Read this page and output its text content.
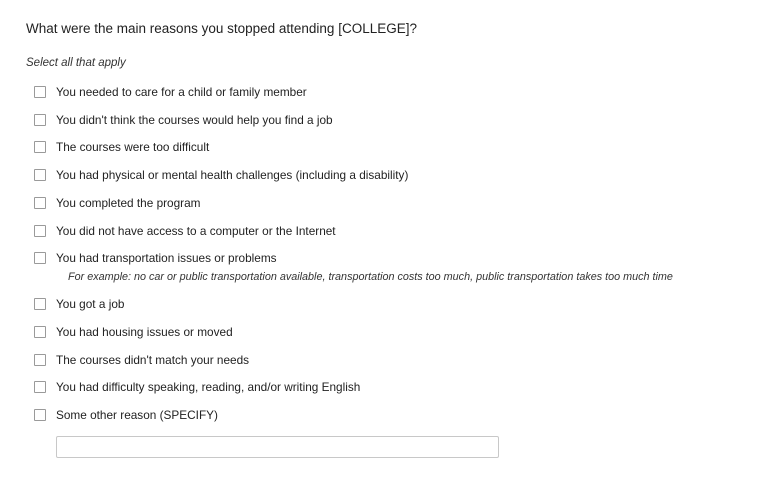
What were the main reasons you stopped attending [COLLEGE]?

Select all that apply

You needed to care for a child or family member
You didn't think the courses would help you find a job
The courses were too difficult
You had physical or mental health challenges (including a disability)
You completed the program
You did not have access to a computer or the Internet
You had transportation issues or problems
For example: no car or public transportation available, transportation costs too much, public transportation takes too much time
You got a job
You had housing issues or moved
The courses didn't match your needs
You had difficulty speaking, reading, and/or writing English
Some other reason (SPECIFY)
